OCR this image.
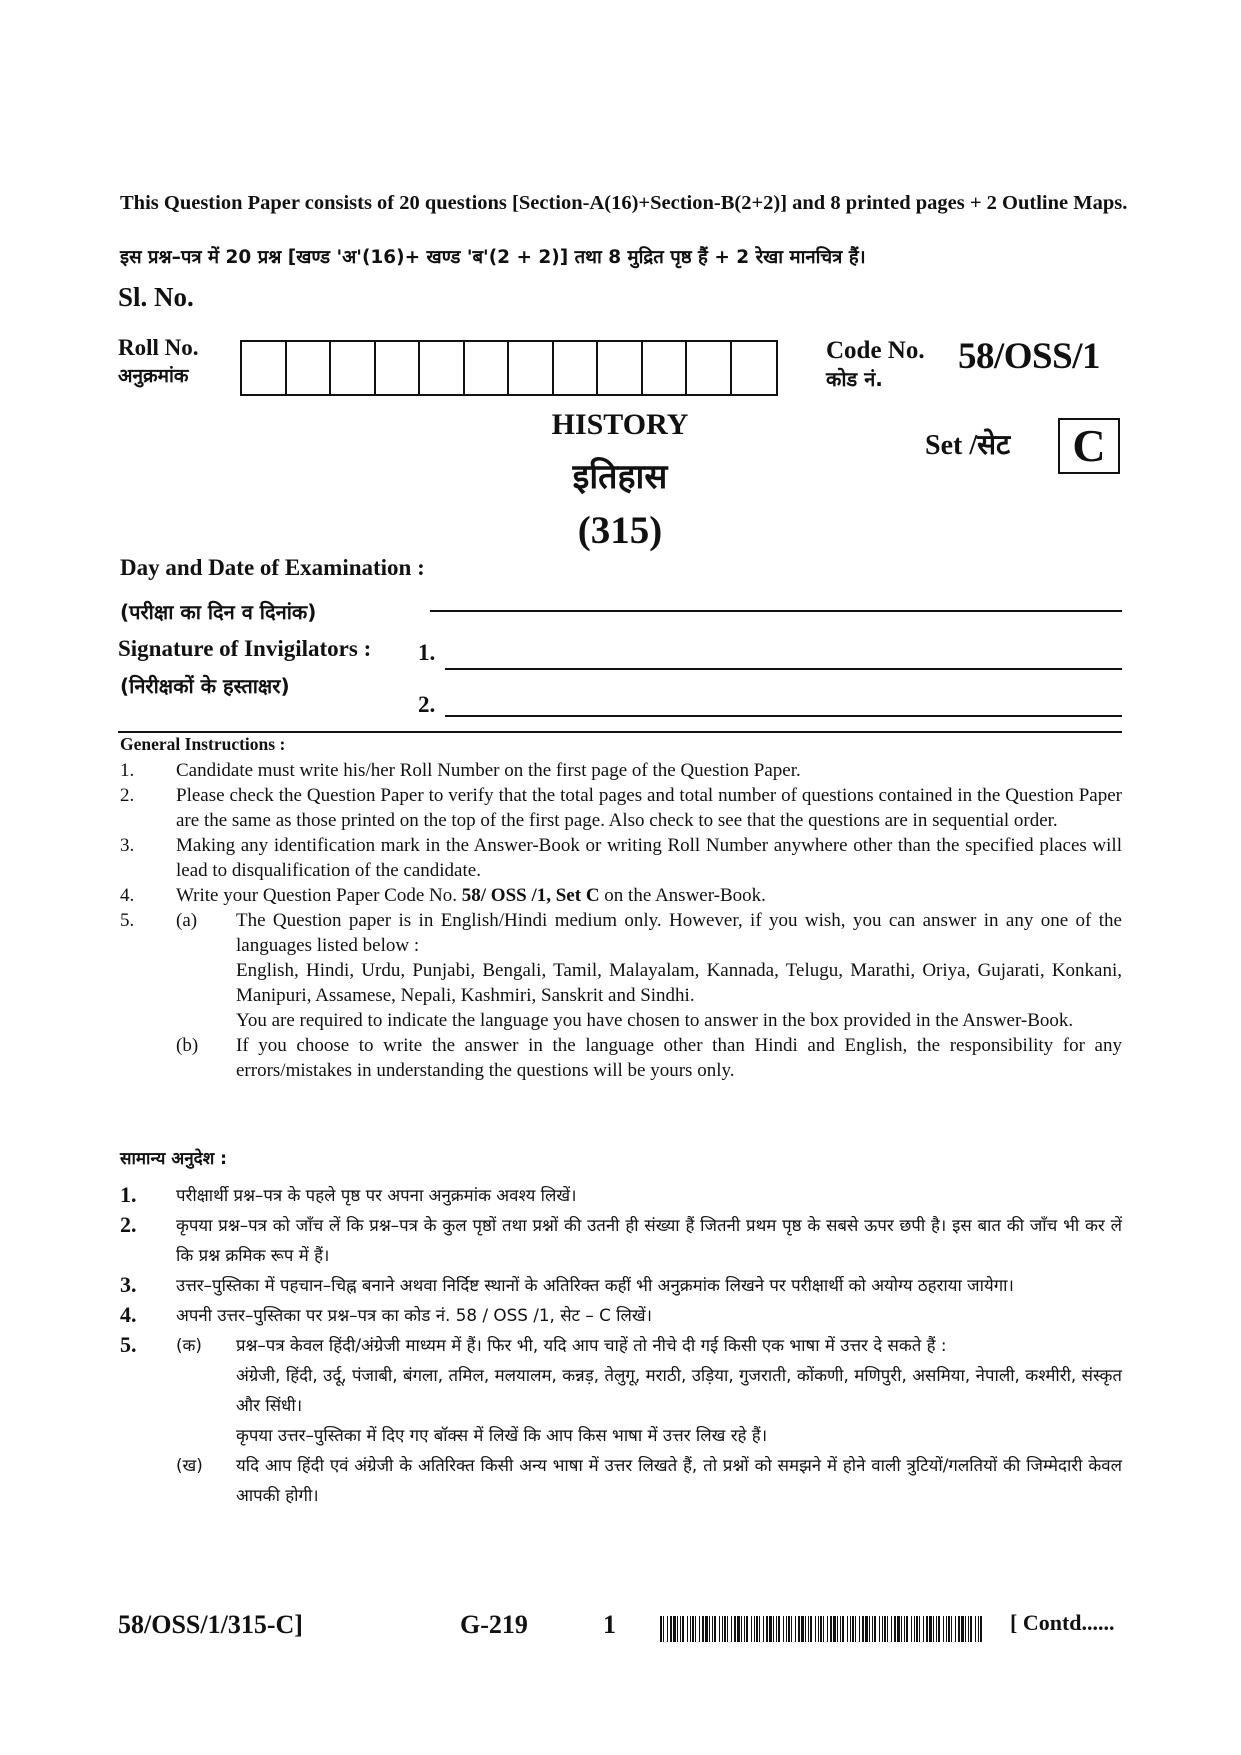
This Question Paper consists of 20 questions [Section-A(16)+Section-B(2+2)] and 8 printed pages + 2 Outline Maps.
इस प्रश्न–पत्र में 20 प्रश्न [खण्ड 'अ'(16)+ खण्ड 'ब'(2 + 2)] तथा 8 मुद्रित पृष्ठ हैं + 2 रेखा मानचित्र हैं।
Sl. No.
Roll No.
अनुक्रमांक
Code No.
कोड नं.
58/OSS/1
HISTORY
इतिहास
(315)
Set /सेट	C
Day and Date of Examination :
(परीक्षा का दिन व दिनांक)
Signature of Invigilators :
(निरीक्षकों के हस्ताक्षर)
1.
2.
General Instructions :
1.	Candidate must write his/her Roll Number on the first page of the Question Paper.
2.	Please check the Question Paper to verify that the total pages and total number of questions contained in the Question Paper are the same as those printed on the top of the first page. Also check to see that the questions are in sequential order.
3.	Making any identification mark in the Answer-Book or writing Roll Number anywhere other than the specified places will lead to disqualification of the candidate.
4.	Write your Question Paper Code No. 58/ OSS /1, Set C on the Answer-Book.
5.	(a)	The Question paper is in English/Hindi medium only. However, if you wish, you can answer in any one of the languages listed below :
English, Hindi, Urdu, Punjabi, Bengali, Tamil, Malayalam, Kannada, Telugu, Marathi, Oriya, Gujarati, Konkani, Manipuri, Assamese, Nepali, Kashmiri, Sanskrit and Sindhi.
You are required to indicate the language you have chosen to answer in the box provided in the Answer-Book.
(b)	If you choose to write the answer in the language other than Hindi and English, the responsibility for any errors/mistakes in understanding the questions will be yours only.
सामान्य अनुदेश :
1.	परीक्षार्थी प्रश्न–पत्र के पहले पृष्ठ पर अपना अनुक्रमांक अवश्य लिखें।
2.	कृपया प्रश्न–पत्र को जाँच लें कि प्रश्न–पत्र के कुल पृष्ठों तथा प्रश्नों की उतनी ही संख्या हैं जितनी प्रथम पृष्ठ के सबसे ऊपर छपी है। इस बात की जाँच भी कर लें कि प्रश्न क्रमिक रूप में हैं।
3.	उत्तर–पुस्तिका में पहचान–चिह्न बनाने अथवा निर्दिष्ट स्थानों के अतिरिक्त कहीं भी अनुक्रमांक लिखने पर परीक्षार्थी को अयोग्य ठहराया जायेगा।
4.	अपनी उत्तर–पुस्तिका पर प्रश्न–पत्र का कोड नं. 58 / OSS /1, सेट – C लिखें।
5.	(क)	प्रश्न–पत्र केवल हिंदी/अंग्रेजी माध्यम में हैं। फिर भी, यदि आप चाहें तो नीचे दी गई किसी एक भाषा में उत्तर दे सकते हैं :
अंग्रेजी, हिंदी, उर्दू, पंजाबी, बंगला, तमिल, मलयालम, कन्नड़, तेलुगू, मराठी, उड़िया, गुजराती, कोंकणी, मणिपुरी, असमिया, नेपाली, कश्मीरी, संस्कृत और सिंधी।
कृपया उत्तर–पुस्तिका में दिए गए बॉक्स में लिखें कि आप किस भाषा में उत्तर लिख रहे हैं।
(ख)	यदि आप हिंदी एवं अंग्रेजी के अतिरिक्त किसी अन्य भाषा में उत्तर लिखते हैं, तो प्रश्नों को समझने में होने वाली त्रुटियों/गलतियों की जिम्मेदारी केवल आपकी होगी।
58/OSS/1/315-C]	G-219	1	[ Contd......
